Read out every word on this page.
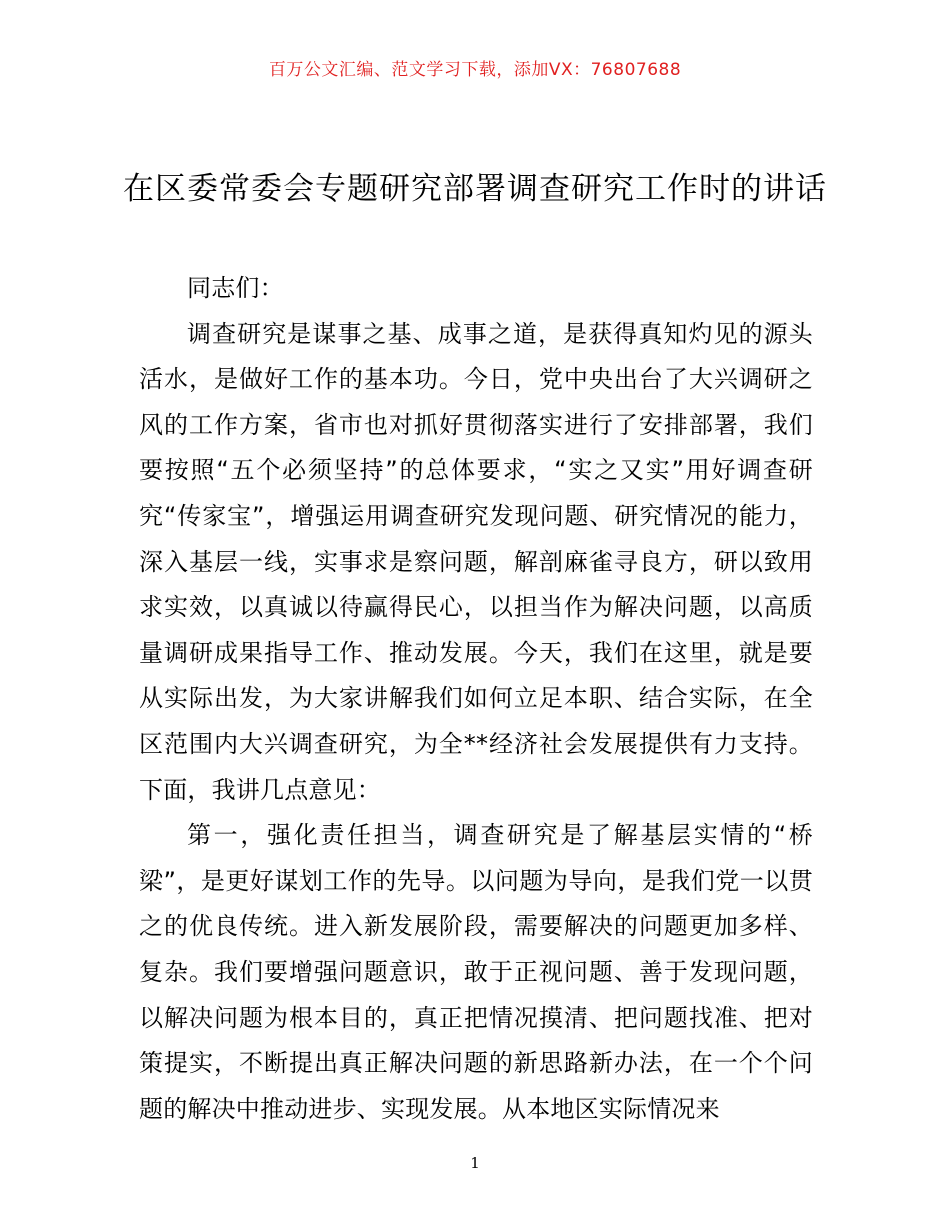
百万公文汇编、范文学习下载，添加VX：76807688
在区委常委会专题研究部署调查研究工作时的讲话

同志们：

调查研究是谋事之基、成事之道，是获得真知灼见的源头活水，是做好工作的基本功。今日，党中央出台了大兴调研之风的工作方案，省市也对抓好贯彻落实进行了安排部署，我们要按照“五个必须坚持”的总体要求，“实之又实”用好调查研究“传家宝”，增强运用调查研究发现问题、研究情况的能力，深入基层一线，实事求是察问题，解剖麻雀寻良方，研以致用求实效，以真诚以待赢得民心，以担当作为解决问题，以高质量调研成果指导工作、推动发展。今天，我们在这里，就是要从实际出发，为大家讲解我们如何立足本职、结合实际，在全区范围内大兴调查研究，为全**经济社会发展提供有力支持。下面，我讲几点意见：

第一，强化责任担当，调查研究是了解基层实情的“桥梁”，是更好谋划工作的先导。以问题为导向，是我们党一以贯之的优良传统。进入新发展阶段，需要解决的问题更加多样、复杂。我们要增强问题意识，敢于正视问题、善于发现问题，以解决问题为根本目的，真正把情况摸清、把问题找准、把对策提实，不断提出真正解决问题的新思路新办法，在一个个问题的解决中推动进步、实现发展。从本地区实际情况来

1
